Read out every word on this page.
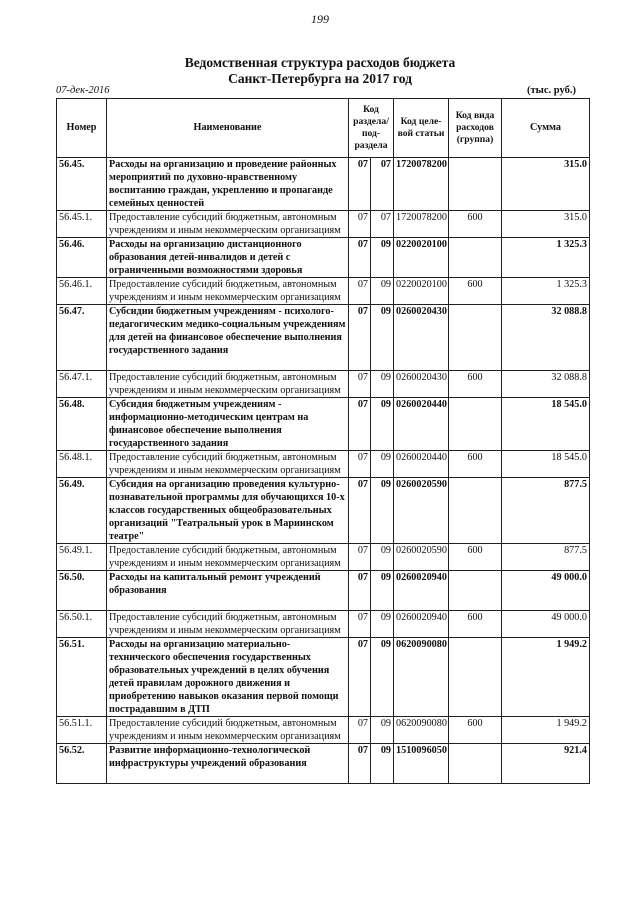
199
Ведомственная структура расходов бюджета
Санкт-Петербурга на 2017 год
07-дек-2016	(тыс. руб.)
Номер	Наименование	Код раздела/ под- раздела		Код целе- вой статьи	Код вида расходов (группа)	Сумма
56.45.	Расходы на организацию и проведение районных мероприятий по духовно-нравственному воспитанию граждан, укреплению и пропаганде семейных ценностей	07	07	1720078200		315.0
56.45.1.	Предоставление субсидий бюджетным, автономным учреждениям и иным некоммерческим организациям	07	07	1720078200	600	315.0
56.46.	Расходы на организацию дистанционного образования детей-инвалидов и детей с ограниченными возможностями здоровья	07	09	0220020100		1 325.3
56.46.1.	Предоставление субсидий бюджетным, автономным учреждениям и иным некоммерческим организациям	07	09	0220020100	600	1 325.3
56.47.	Субсидии бюджетным учреждениям - психолого-педагогическим медико-социальным учреждениям для детей на финансовое обеспечение выполнения государственного задания	07	09	0260020430		32 088.8
56.47.1.	Предоставление субсидий бюджетным, автономным учреждениям и иным некоммерческим организациям	07	09	0260020430	600	32 088.8
56.48.	Субсидия бюджетным учреждениям - информационно-методическим центрам на финансовое обеспечение выполнения государственного задания	07	09	0260020440		18 545.0
56.48.1.	Предоставление субсидий бюджетным, автономным учреждениям и иным некоммерческим организациям	07	09	0260020440	600	18 545.0
56.49.	Субсидия на организацию проведения культурно-познавательной программы для обучающихся 10-х классов государственных общеобразовательных организаций "Театральный урок в Мариинском театре"	07	09	0260020590		877.5
56.49.1.	Предоставление субсидий бюджетным, автономным учреждениям и иным некоммерческим организациям	07	09	0260020590	600	877.5
56.50.	Расходы на капитальный ремонт учреждений образования	07	09	0260020940		49 000.0
56.50.1.	Предоставление субсидий бюджетным, автономным учреждениям и иным некоммерческим организациям	07	09	0260020940	600	49 000.0
56.51.	Расходы на организацию материально-технического обеспечения государственных образовательных учреждений в целях обучения детей правилам дорожного движения и приобретению навыков оказания первой помощи пострадавшим в ДТП	07	09	0620090080		1 949.2
56.51.1.	Предоставление субсидий бюджетным, автономным учреждениям и иным некоммерческим организациям	07	09	0620090080	600	1 949.2
56.52.	Развитие информационно-технологической инфраструктуры учреждений образования	07	09	1510096050		921.4
